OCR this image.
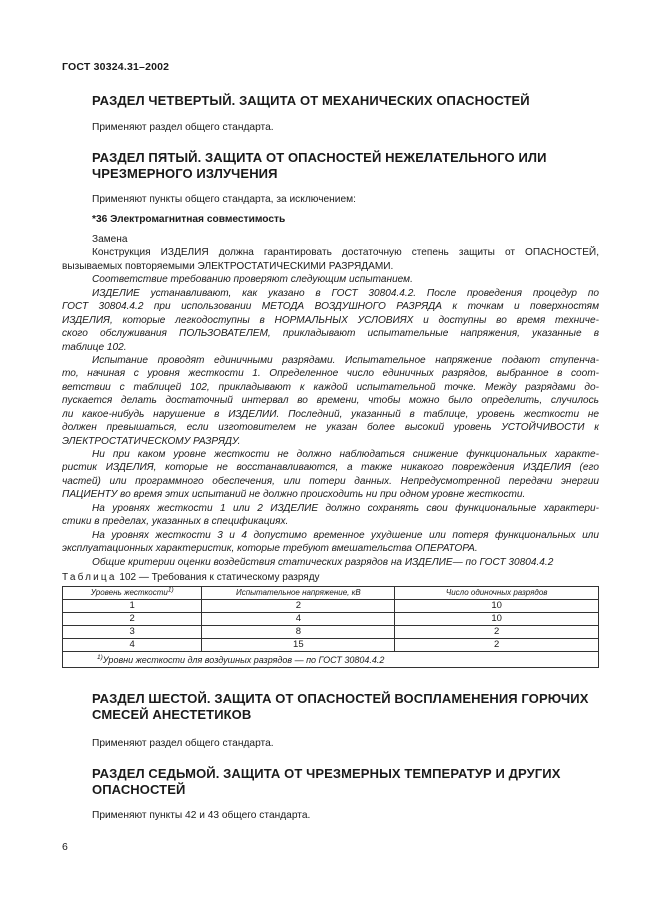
ГОСТ 30324.31–2002
РАЗДЕЛ ЧЕТВЕРТЫЙ. ЗАЩИТА ОТ МЕХАНИЧЕСКИХ ОПАСНОСТЕЙ
Применяют раздел общего стандарта.
РАЗДЕЛ ПЯТЫЙ. ЗАЩИТА ОТ ОПАСНОСТЕЙ НЕЖЕЛАТЕЛЬНОГО ИЛИ
ЧРЕЗМЕРНОГО ИЗЛУЧЕНИЯ
Применяют пункты общего стандарта, за исключением:
*36 Электромагнитная совместимость
Замена
Конструкция ИЗДЕЛИЯ должна гарантировать достаточную степень защиты от ОПАСНОСТЕЙ,
вызываемых повторяемыми ЭЛЕКТРОСТАТИЧЕСКИМИ РАЗРЯДАМИ.
Соответствие требованию проверяют следующим испытанием.
ИЗДЕЛИЕ устанавливают, как указано в ГОСТ 30804.4.2. После проведения процедур по
ГОСТ 30804.4.2 при использовании МЕТОДА ВОЗДУШНОГО РАЗРЯДА к точкам и поверхностям
ИЗДЕЛИЯ, которые легкодоступны в НОРМАЛЬНЫХ УСЛОВИЯХ и доступны во время техниче-
ского обслуживания ПОЛЬЗОВАТЕЛЕМ, прикладывают испытательные напряжения, указанные в
таблице 102.
Испытание проводят единичными разрядами. Испытательное напряжение подают ступенча-
то, начиная с уровня жесткости 1. Определенное число единичных разрядов, выбранное в соот-
ветствии с таблицей 102, прикладывают к каждой испытательной точке. Между разрядами до-
пускается делать достаточный интервал во времени, чтобы можно было определить, случилось
ли какое-нибудь нарушение в ИЗДЕЛИИ. Последний, указанный в таблице, уровень жесткости не
должен превышаться, если изготовителем не указан более высокий уровень УСТОЙЧИВОСТИ к
ЭЛЕКТРОСТАТИЧЕСКОМУ РАЗРЯДУ.
Ни при каком уровне жесткости не должно наблюдаться снижение функциональных характе-
ристик ИЗДЕЛИЯ, которые не восстанавливаются, а также никакого повреждения ИЗДЕЛИЯ (его
частей) или программного обеспечения, или потери данных. Непредусмотренной передачи энергии
ПАЦИЕНТУ во время этих испытаний не должно происходить ни при одном уровне жесткости.
На уровнях жесткости 1 или 2 ИЗДЕЛИЕ должно сохранять свои функциональные характери-
стики в пределах, указанных в спецификациях.
На уровнях жесткости 3 и 4 допустимо временное ухудшение или потеря функциональных или
эксплуатационных характеристик, которые требуют вмешательства ОПЕРАТОРА.
Общие критерии оценки воздействия статических разрядов на ИЗДЕЛИЕ— по ГОСТ 30804.4.2
Таблица 102 — Требования к статическому разряду
Уровень жесткости$^{1)}$	Испытательное напряжение, кВ	Число одиночных разрядов
1	2	10
2	4	10
3	8	2
4	15	2
$^{1)}$Уровни жесткости для воздушных разрядов — по ГОСТ 30804.4.2		
РАЗДЕЛ ШЕСТОЙ. ЗАЩИТА ОТ ОПАСНОСТЕЙ ВОСПЛАМЕНЕНИЯ ГОРЮЧИХ
СМЕСЕЙ АНЕСТЕТИКОВ
Применяют раздел общего стандарта.
РАЗДЕЛ СЕДЬМОЙ. ЗАЩИТА ОТ ЧРЕЗМЕРНЫХ ТЕМПЕРАТУР И ДРУГИХ
ОПАСНОСТЕЙ
Применяют пункты 42 и 43 общего стандарта.
6
